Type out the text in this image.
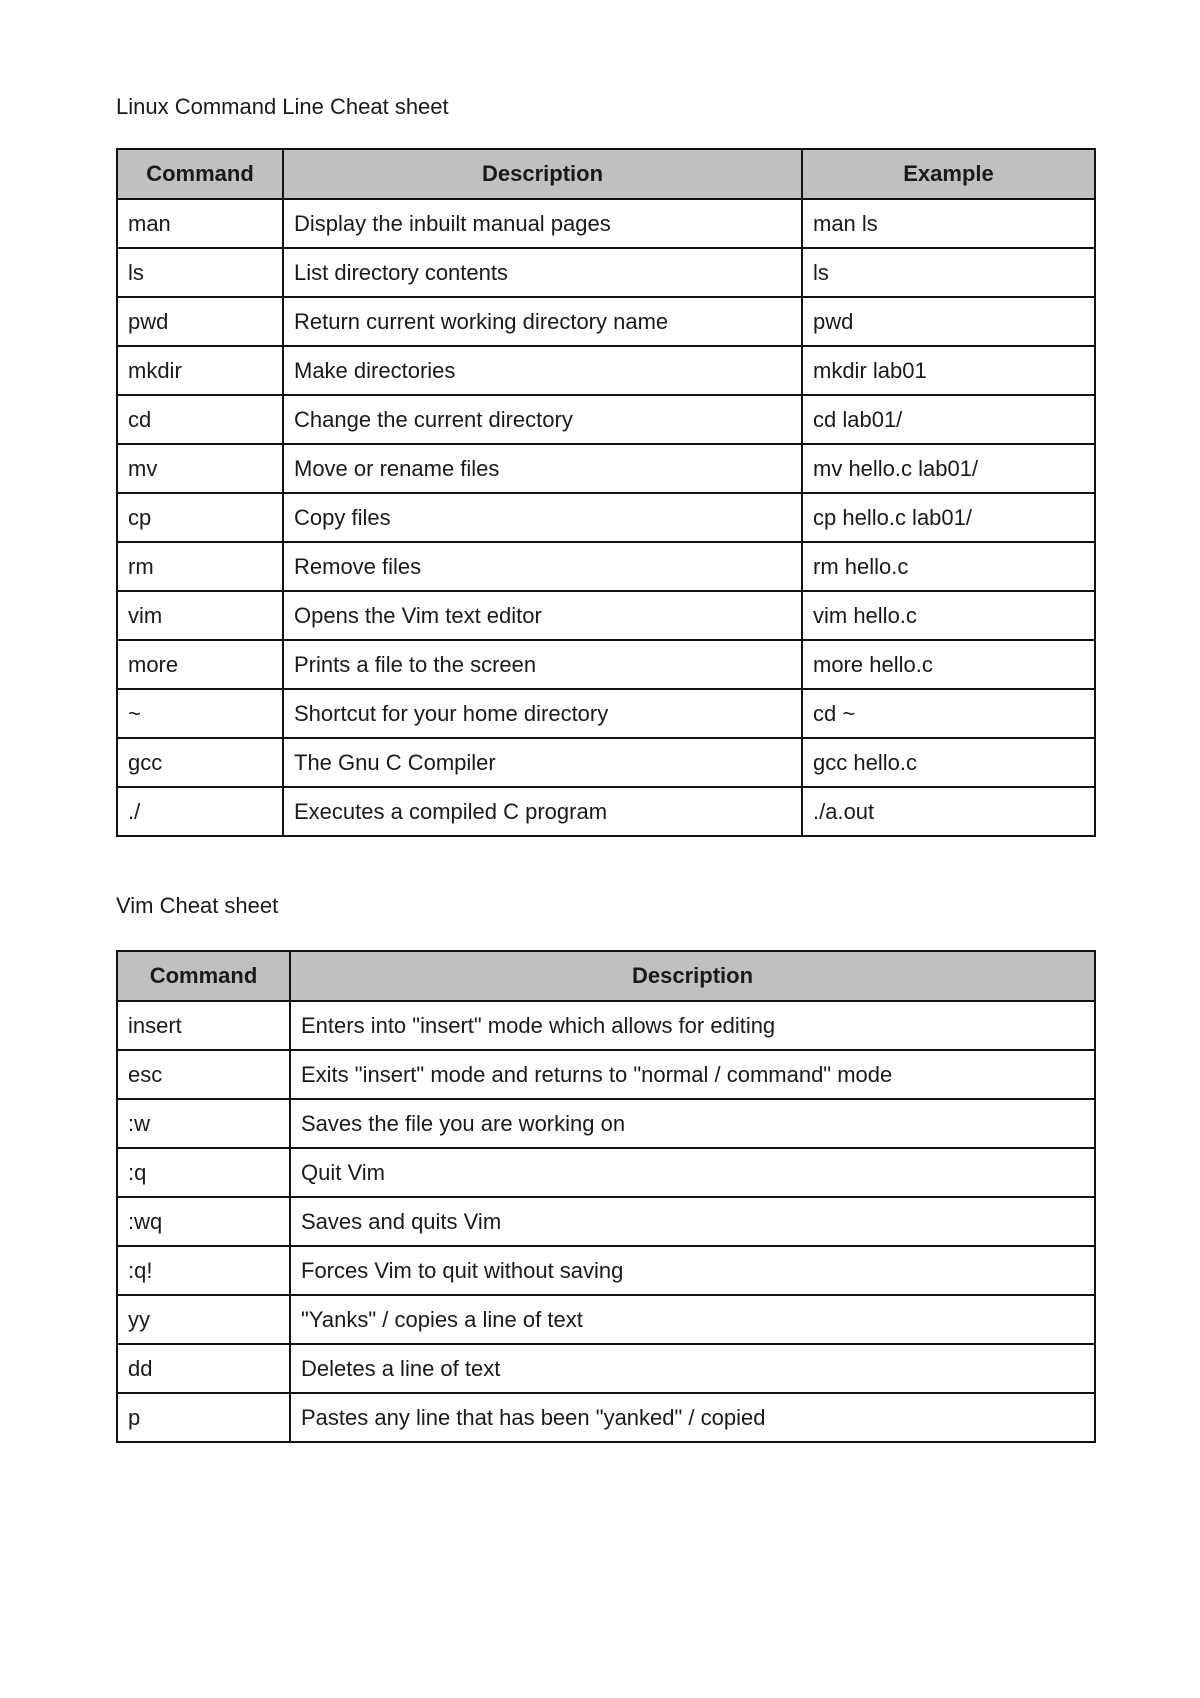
Linux Command Line Cheat sheet
Command	Description	Example
man	Display the inbuilt manual pages	man ls
ls	List directory contents	ls
pwd	Return current working directory name	pwd
mkdir	Make directories	mkdir lab01
cd	Change the current directory	cd lab01/
mv	Move or rename files	mv hello.c lab01/
cp	Copy files	cp hello.c lab01/
rm	Remove files	rm hello.c
vim	Opens the Vim text editor	vim hello.c
more	Prints a file to the screen	more hello.c
~	Shortcut for your home directory	cd ~
gcc	The Gnu C Compiler	gcc hello.c
./	Executes a compiled C program	./a.out
Vim Cheat sheet
Command	Description
insert	Enters into "insert" mode which allows for editing
esc	Exits "insert" mode and returns to "normal / command" mode
:w	Saves the file you are working on
:q	Quit Vim
:wq	Saves and quits Vim
:q!	Forces Vim to quit without saving
yy	"Yanks" / copies a line of text
dd	Deletes a line of text
p	Pastes any line that has been "yanked" / copied
